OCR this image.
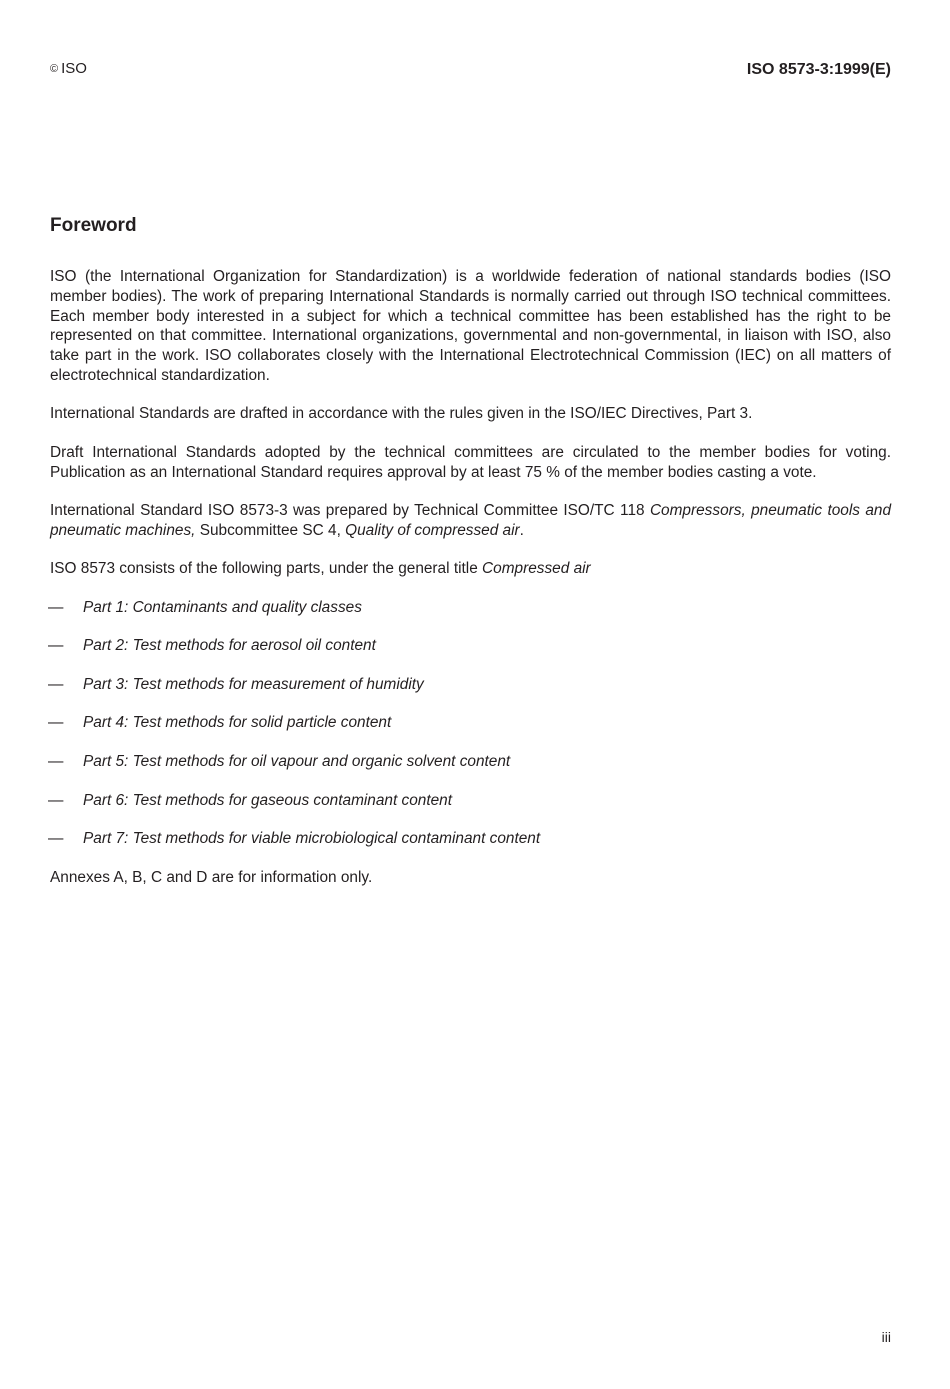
© ISO	ISO 8573-3:1999(E)
Foreword

ISO (the International Organization for Standardization) is a worldwide federation of national standards bodies (ISO member bodies). The work of preparing International Standards is normally carried out through ISO technical committees. Each member body interested in a subject for which a technical committee has been established has the right to be represented on that committee. International organizations, governmental and non-governmental, in liaison with ISO, also take part in the work. ISO collaborates closely with the International Electrotechnical Commission (IEC) on all matters of electrotechnical standardization.

International Standards are drafted in accordance with the rules given in the ISO/IEC Directives, Part 3.

Draft International Standards adopted by the technical committees are circulated to the member bodies for voting. Publication as an International Standard requires approval by at least 75 % of the member bodies casting a vote.

International Standard ISO 8573-3 was prepared by Technical Committee ISO/TC 118 Compressors, pneumatic tools and pneumatic machines, Subcommittee SC 4, Quality of compressed air.

ISO 8573 consists of the following parts, under the general title Compressed air

— Part 1: Contaminants and quality classes
— Part 2: Test methods for aerosol oil content
— Part 3: Test methods for measurement of humidity
— Part 4: Test methods for solid particle content
— Part 5: Test methods for oil vapour and organic solvent content
— Part 6: Test methods for gaseous contaminant content
— Part 7: Test methods for viable microbiological contaminant content

Annexes A, B, C and D are for information only.

iii
